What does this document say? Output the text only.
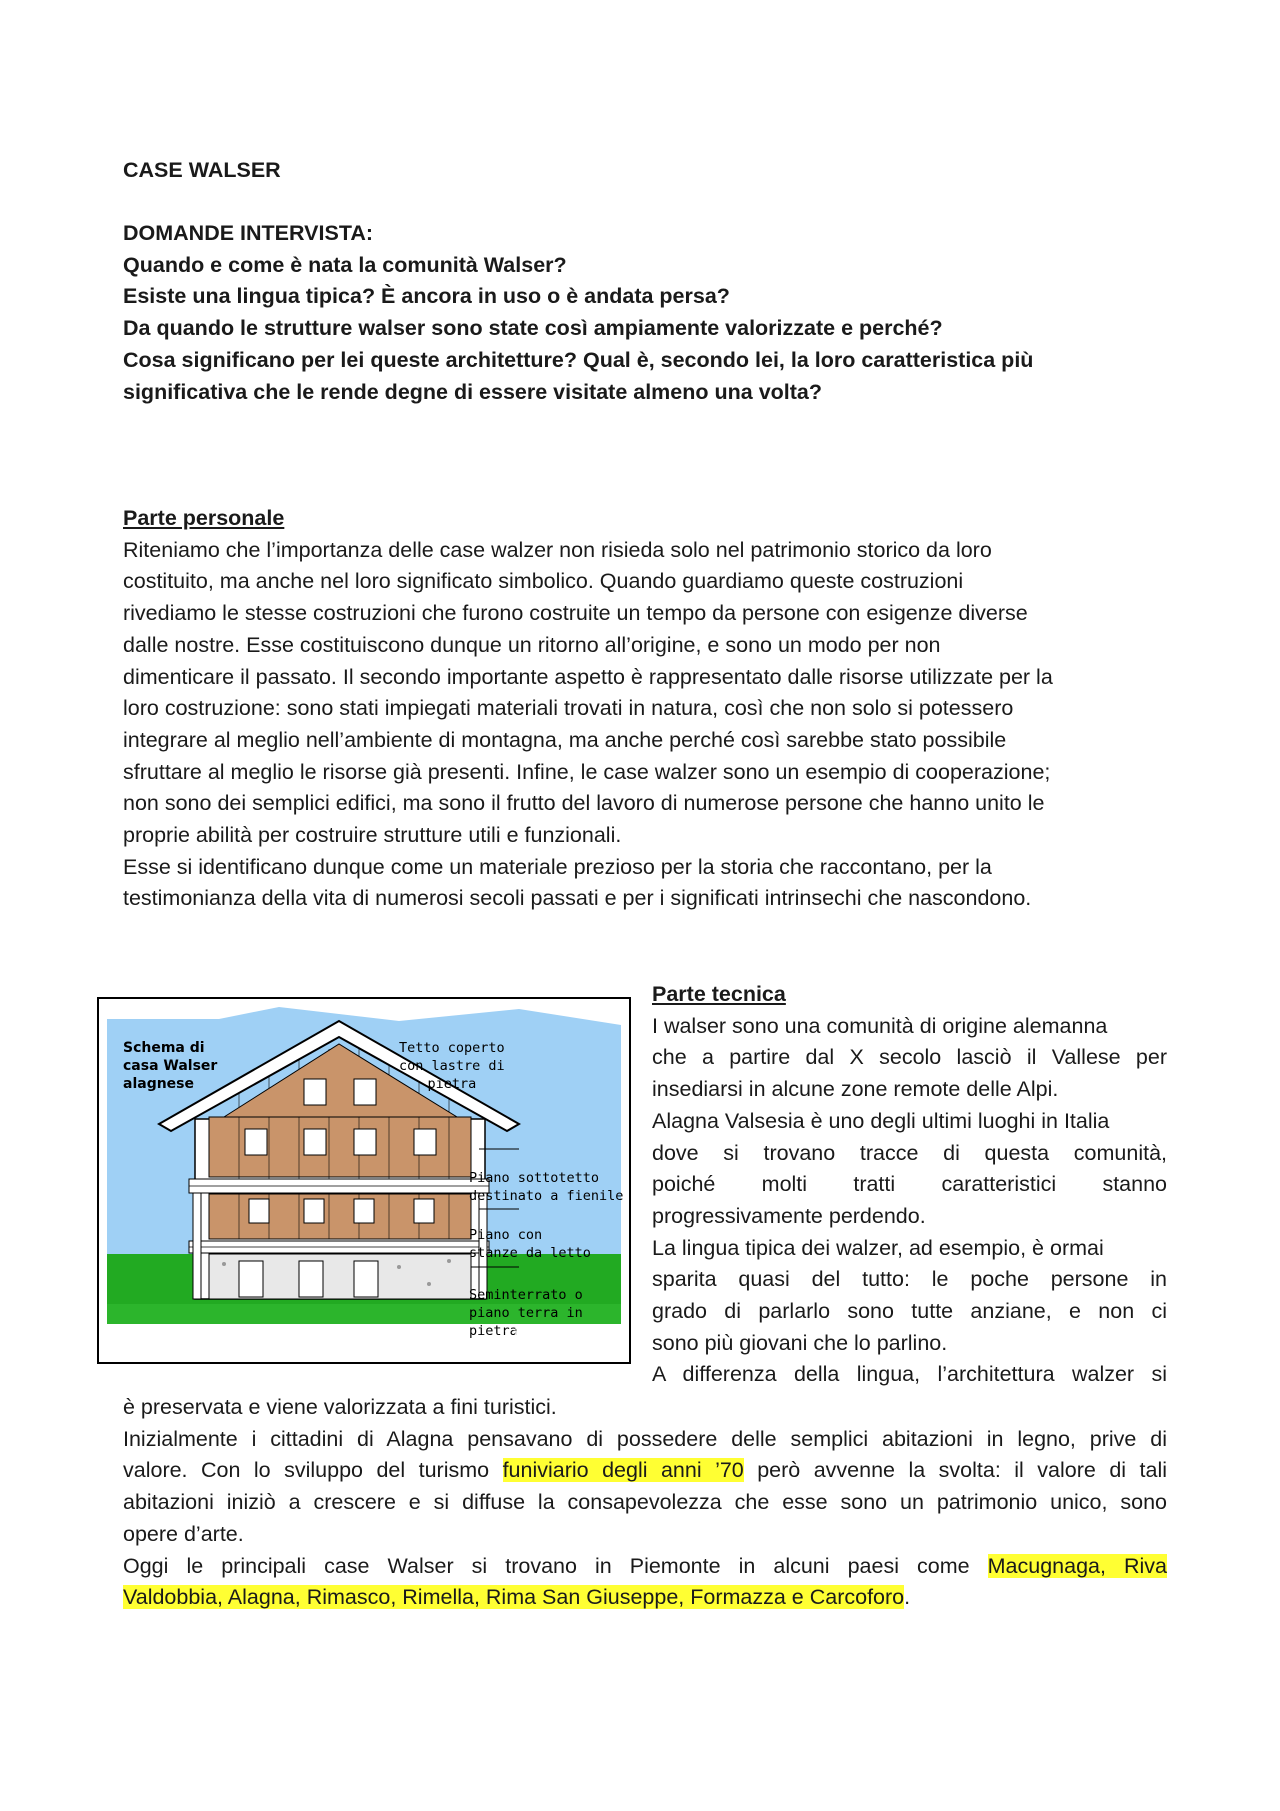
CASE WALSER
DOMANDE INTERVISTA:
Quando e come è nata la comunità Walser?
Esiste una lingua tipica? È ancora in uso o è andata persa?
Da quando le strutture walser sono state così ampiamente valorizzate e perché?
Cosa significano per lei queste architetture? Qual è, secondo lei, la loro caratteristica più
significativa che le rende degne di essere visitate almeno una volta?
Parte personale
Riteniamo che l’importanza delle case walzer non risieda solo nel patrimonio storico da loro
costituito, ma anche nel loro significato simbolico. Quando guardiamo queste costruzioni
rivediamo le stesse costruzioni che furono costruite un tempo da persone con esigenze diverse
dalle nostre. Esse costituiscono dunque un ritorno all’origine, e sono un modo per non
dimenticare il passato. Il secondo importante aspetto è rappresentato dalle risorse utilizzate per la
loro costruzione: sono stati impiegati materiali trovati in natura, così che non solo si potessero
integrare al meglio nell’ambiente di montagna, ma anche perché così sarebbe stato possibile
sfruttare al meglio le risorse già presenti. Infine, le case walzer sono un esempio di cooperazione;
non sono dei semplici edifici, ma sono il frutto del lavoro di numerose persone che hanno unito le
proprie abilità per costruire strutture utili e funzionali.
Esse si identificano dunque come un materiale prezioso per la storia che raccontano, per la
testimonianza della vita di numerosi secoli passati e per i significati intrinsechi che nascondono.
Parte tecnica
I walser sono una comunità di origine alemanna
che a partire dal X secolo lasciò il Vallese per
insediarsi in alcune zone remote delle Alpi.
Alagna Valsesia è uno degli ultimi luoghi in Italia
dove si trovano tracce di questa comunità,
poiché molti tratti caratteristici stanno
progressivamente perdendo.
La lingua tipica dei walzer, ad esempio, è ormai
sparita quasi del tutto: le poche persone in
grado di parlarlo sono tutte anziane, e non ci
sono più giovani che lo parlino.
A differenza della lingua, l’architettura walzer si
è preservata e viene valorizzata a fini turistici.
Inizialmente i cittadini di Alagna pensavano di possedere delle semplici abitazioni in legno, prive di
valore. Con lo sviluppo del turismo funiviario degli anni ’70 però avvenne la svolta: il valore di tali
abitazioni iniziò a crescere e si diffuse la consapevolezza che esse sono un patrimonio unico, sono
opere d’arte.
Oggi le principali case Walser si trovano in Piemonte in alcuni paesi come Macugnaga, Riva
Valdobbia, Alagna, Rimasco, Rimella, Rima San Giuseppe, Formazza e Carcoforo.
Schema di
casa Walser
alagnese
Tetto coperto
con lastre di
pietra
Piano sottotetto
destinato a fienile
Piano con
stanze da letto
Seminterrato o
piano terra in pietra
Stalla, cucina, soggiorno, casera	tipo: 1+4+1
